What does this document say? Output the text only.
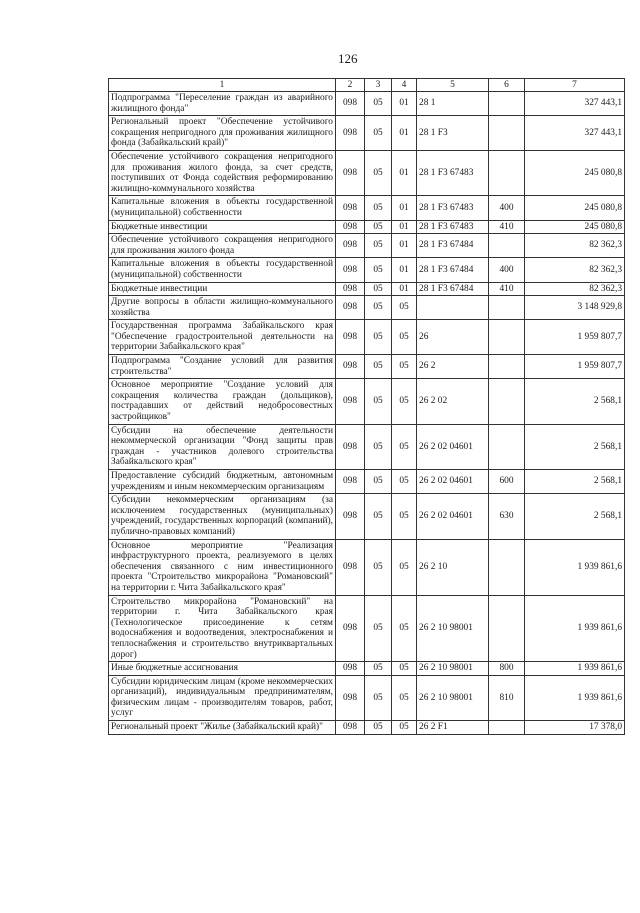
126
1	2	3	4	5	6	7
Подпрограмма "Переселение граждан из аварийного жилищного фонда"	098	05	01	28 1		327 443,1
Региональный проект "Обеспечение устойчивого сокращения непригодного для проживания жилищного фонда (Забайкальский край)"	098	05	01	28 1 F3		327 443,1
Обеспечение устойчивого сокращения непригодного для проживания жилого фонда, за счет средств, поступивших от Фонда содействия реформированию жилищно-коммунального хозяйства	098	05	01	28 1 F3 67483		245 080,8
Капитальные вложения в объекты государственной (муниципальной) собственности	098	05	01	28 1 F3 67483	400	245 080,8
Бюджетные инвестиции	098	05	01	28 1 F3 67483	410	245 080,8
Обеспечение устойчивого сокращения непригодного для проживания жилого фонда	098	05	01	28 1 F3 67484		82 362,3
Капитальные вложения в объекты государственной (муниципальной) собственности	098	05	01	28 1 F3 67484	400	82 362,3
Бюджетные инвестиции	098	05	01	28 1 F3 67484	410	82 362,3
Другие вопросы в области жилищно-коммунального хозяйства	098	05	05			3 148 929,8
Государственная программа Забайкальского края "Обеспечение градостроительной деятельности на территории Забайкальского края"	098	05	05	26		1 959 807,7
Подпрограмма "Создание условий для развития строительства"	098	05	05	26 2		1 959 807,7
Основное мероприятие "Создание условий для сокращения количества граждан (дольщиков), пострадавших от действий недобросовестных застройщиков"	098	05	05	26 2 02		2 568,1
Субсидии на обеспечение деятельности некоммерческой организации "Фонд защиты прав граждан - участников долевого строительства Забайкальского края"	098	05	05	26 2 02 04601		2 568,1
Предоставление субсидий бюджетным, автономным учреждениям и иным некоммерческим организациям	098	05	05	26 2 02 04601	600	2 568,1
Субсидии некоммерческим организациям (за исключением государственных (муниципальных) учреждений, государственных корпораций (компаний), публично-правовых компаний)	098	05	05	26 2 02 04601	630	2 568,1
Основное мероприятие "Реализация инфраструктурного проекта, реализуемого в целях обеспечения связанного с ним инвестиционного проекта "Строительство микрорайона "Романовский" на территории г. Чита Забайкальского края"	098	05	05	26 2 10		1 939 861,6
Строительство микрорайона "Романовский" на территории г. Чита Забайкальского края (Технологическое присоединение к сетям водоснабжения и водоотведения, электроснабжения и теплоснабжения и строительство внутриквартальных дорог)	098	05	05	26 2 10 98001		1 939 861,6
Иные бюджетные ассигнования	098	05	05	26 2 10 98001	800	1 939 861,6
Субсидии юридическим лицам (кроме некоммерческих организаций), индивидуальным предпринимателям, физическим лицам - производителям товаров, работ, услуг	098	05	05	26 2 10 98001	810	1 939 861,6
Региональный проект "Жилье (Забайкальский край)"	098	05	05	26 2 F1		17 378,0
